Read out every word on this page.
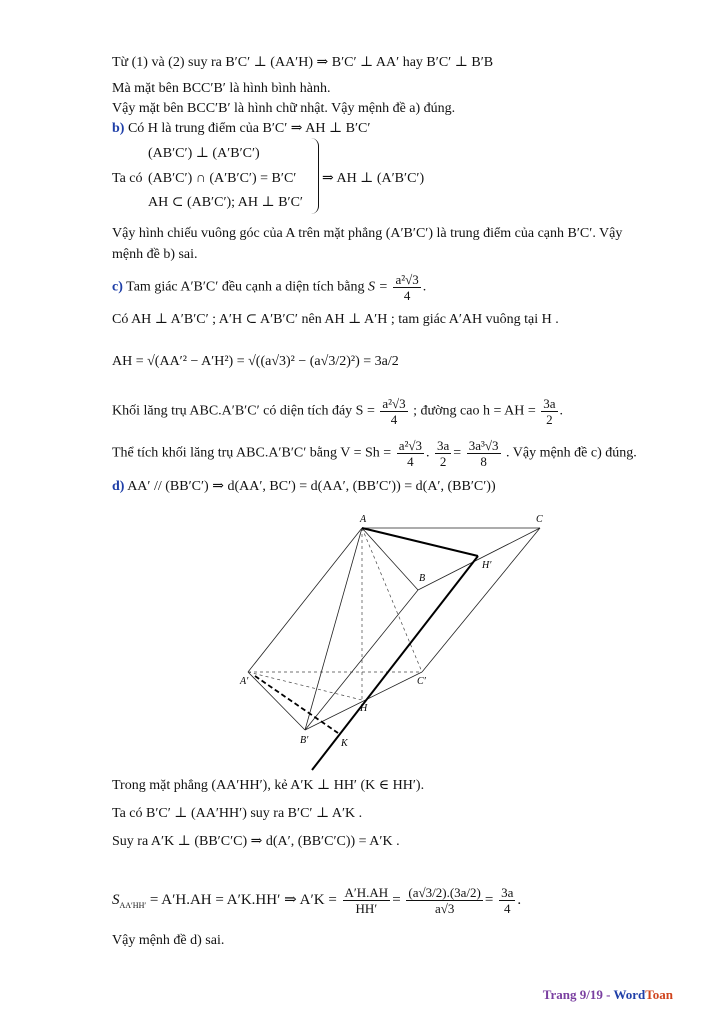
Từ (1) và (2) suy ra B′C′ ⊥ (AA′H) ⇒ B′C′ ⊥ AA′ hay B′C′ ⊥ B′B
Mà mặt bên BCC′B′ là hình bình hành.
Vậy mặt bên BCC′B′ là hình chữ nhật. Vậy mệnh đề a) đúng.
b) Có H là trung điểm của B′C′ ⇒ AH ⊥ B′C′
(AB′C′) ⊥ (A′B′C′)
Ta có (AB′C′) ∩ (A′B′C′) = B′C′
AH ⊂ (AB′C′); AH ⊥ B′C′
⇒ AH ⊥ (A′B′C′)
Vậy hình chiếu vuông góc của A trên mặt phẳng (A′B′C′) là trung điểm của cạnh B′C′. Vậy
mệnh đề b) sai.
c) Tam giác A′B′C′ đều cạnh a diện tích bằng $S = \frac{\text{a²√3}}{4}$ .
Có AH ⊥ A′B′C′ ; A′H ⊂ A′B′C′ nên AH ⊥ A′H ; tam giác A′AH vuông tại H .
AH = √(AA′² − A′H²) = √((a√3)² − (a√3/2)²) = 3a/2
Khối lăng trụ ABC.A′B′C′ có diện tích đáy $S = \frac{\text{a²√3}}{4}$ ; đường cao h = AH = $\frac{3a}{2}$ .
Thể tích khối lăng trụ ABC.A′B′C′ bằng $V = Sh = \frac{\text{a²√3}}{4}$ . $\frac{3a}{2} = \frac{\text{3a³√3}}{8}$ . Vậy mệnh đề c) đúng.
d) AA′ // (BB′C′) ⇒ d(AA′, BC′) = d(AA′, (BB′C′)) = d(A′, (BB′C′))
A	C
B
H′
A′	C′
H
B′	K
Trong mặt phẳng (AA′HH′), kẻ A′K ⊥ HH′ (K ∈ HH′).
Ta có B′C′ ⊥ (AA′HH′) suy ra B′C′ ⊥ A′K .
Suy ra A′K ⊥ (BB′C′C) ⇒ d(A′, (BB′C′C)) = A′K .
$S_{AA'HH'} = A'H.AH = A'K.HH'$ ⇒ $A'K = \frac{A'H.AH}{HH'} = \frac{(a√3/2).(3a/2)}{a√3} = \frac{3a}{4}$ .
Vậy mệnh đề d) sai.
Trang 9/19 - WordToan
